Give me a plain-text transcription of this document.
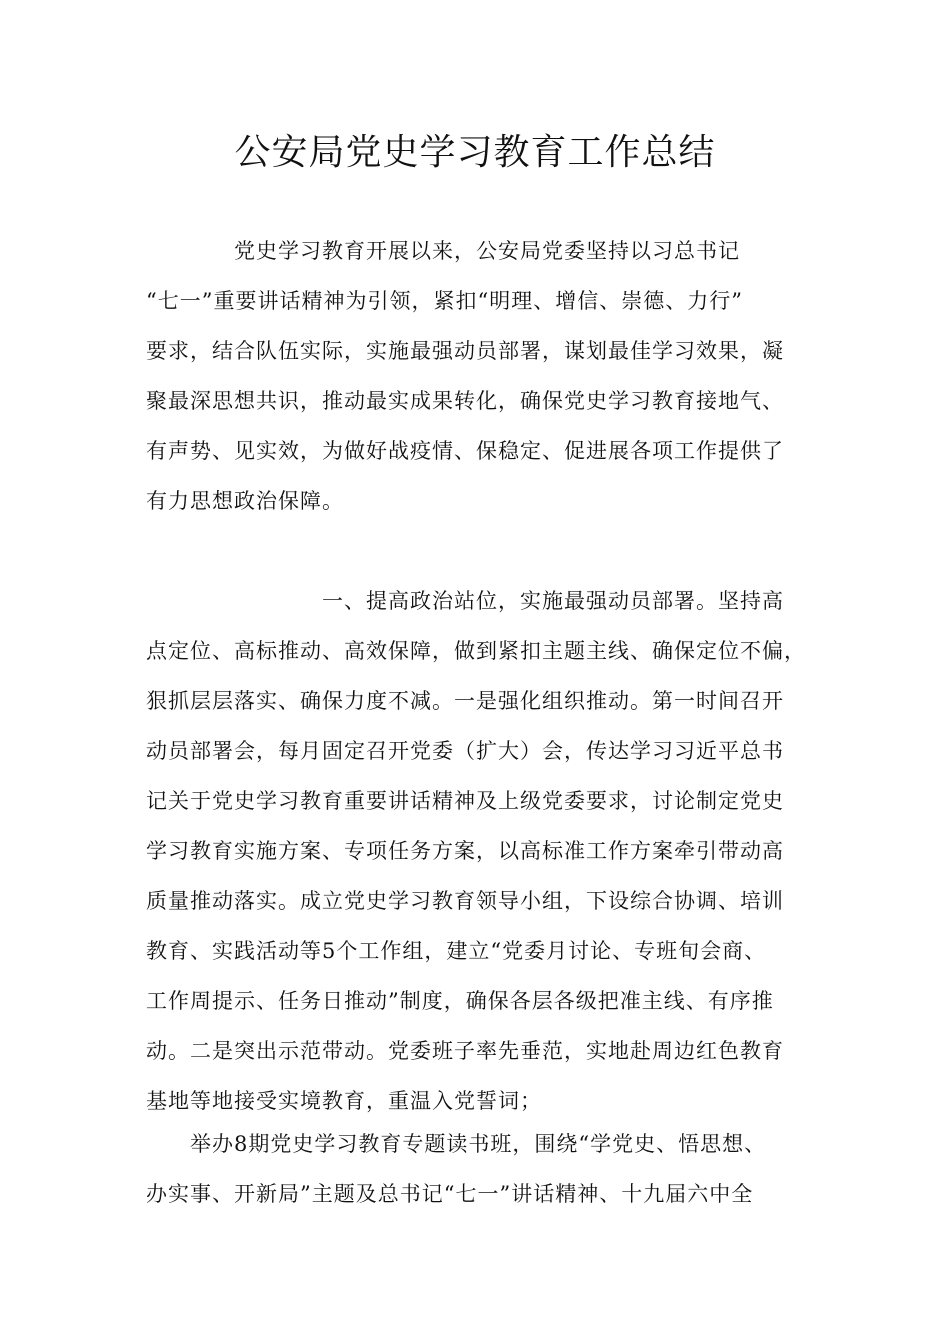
公安局党史学习教育工作总结
　　　　党史学习教育开展以来，公安局党委坚持以习总书记
“七一”重要讲话精神为引领，紧扣“明理、增信、崇德、力行”
要求，结合队伍实际，实施最强动员部署，谋划最佳学习效果，凝
聚最深思想共识，推动最实成果转化，确保党史学习教育接地气、
有声势、见实效，为做好战疫情、保稳定、促进展各项工作提供了
有力思想政治保障。
　　　　　　　　一、提高政治站位，实施最强动员部署。坚持高
点定位、高标推动、高效保障，做到紧扣主题主线、确保定位不偏，
狠抓层层落实、确保力度不减。一是强化组织推动。第一时间召开
动员部署会，每月固定召开党委（扩大）会，传达学习习近平总书
记关于党史学习教育重要讲话精神及上级党委要求，讨论制定党史
学习教育实施方案、专项任务方案，以高标准工作方案牵引带动高
质量推动落实。成立党史学习教育领导小组，下设综合协调、培训
教育、实践活动等5个工作组，建立“党委月讨论、专班旬会商、
工作周提示、任务日推动”制度，确保各层各级把准主线、有序推
动。二是突出示范带动。党委班子率先垂范，实地赴周边红色教育
基地等地接受实境教育，重温入党誓词；
　　举办8期党史学习教育专题读书班，围绕“学党史、悟思想、
办实事、开新局”主题及总书记“七一”讲话精神、十九届六中全
